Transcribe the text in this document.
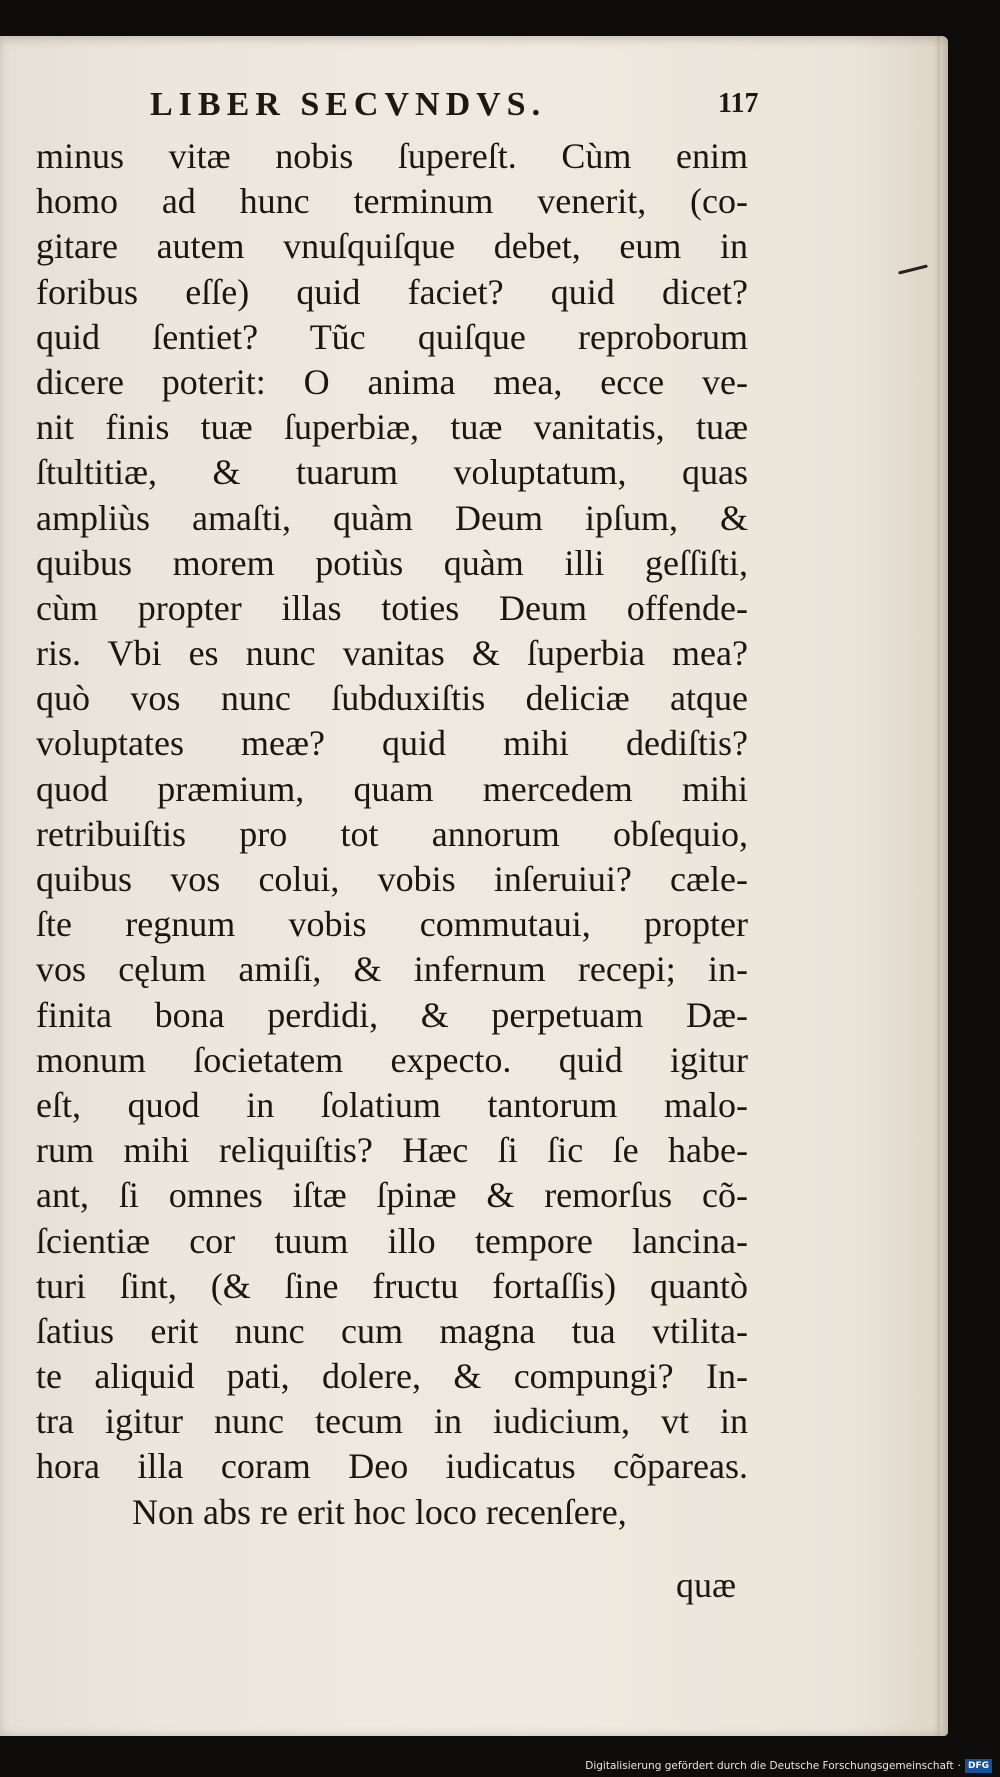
LIBER SECVNDVS.	117
minus vitæ nobis ſupereſt. Cùm enim
homo ad hunc terminum venerit, (co-
gitare autem vnuſquiſque debet, eum in
foribus eſſe) quid faciet? quid dicet?
quid ſentiet? Tũc quiſque reproborum
dicere poterit: O anima mea, ecce ve-
nit finis tuæ ſuperbiæ, tuæ vanitatis, tuæ
ſtultitiæ, & tuarum voluptatum, quas
ampliùs amaſti, quàm Deum ipſum, &
quibus morem potiùs quàm illi geſſiſti,
cùm propter illas toties Deum offende-
ris. Vbi es nunc vanitas & ſuperbia mea?
quò vos nunc ſubduxiſtis deliciæ atque
voluptates meæ? quid mihi dediſtis?
quod præmium, quam mercedem mihi
retribuiſtis pro tot annorum obſequio,
quibus vos colui, vobis inſeruiui? cæle-
ſte regnum vobis commutaui, propter
vos cęlum amiſi, & infernum recepi; in-
finita bona perdidi, & perpetuam Dæ-
monum ſocietatem expecto. quid igitur
eſt, quod in ſolatium tantorum malo-
rum mihi reliquiſtis? Hæc ſi ſic ſe habe-
ant, ſi omnes iſtæ ſpinæ & remorſus cõ-
ſcientiæ cor tuum illo tempore lancina-
turi ſint, (& ſine fructu fortaſſis) quantò
ſatius erit nunc cum magna tua vtilita-
te aliquid pati, dolere, & compungi? In-
tra igitur nunc tecum in iudicium, vt in
hora illa coram Deo iudicatus cõpareas.
Non abs re erit hoc loco recenſere,
quæ
Digitalisierung gefördert durch die Deutsche Forschungsgemeinschaft · DFG
